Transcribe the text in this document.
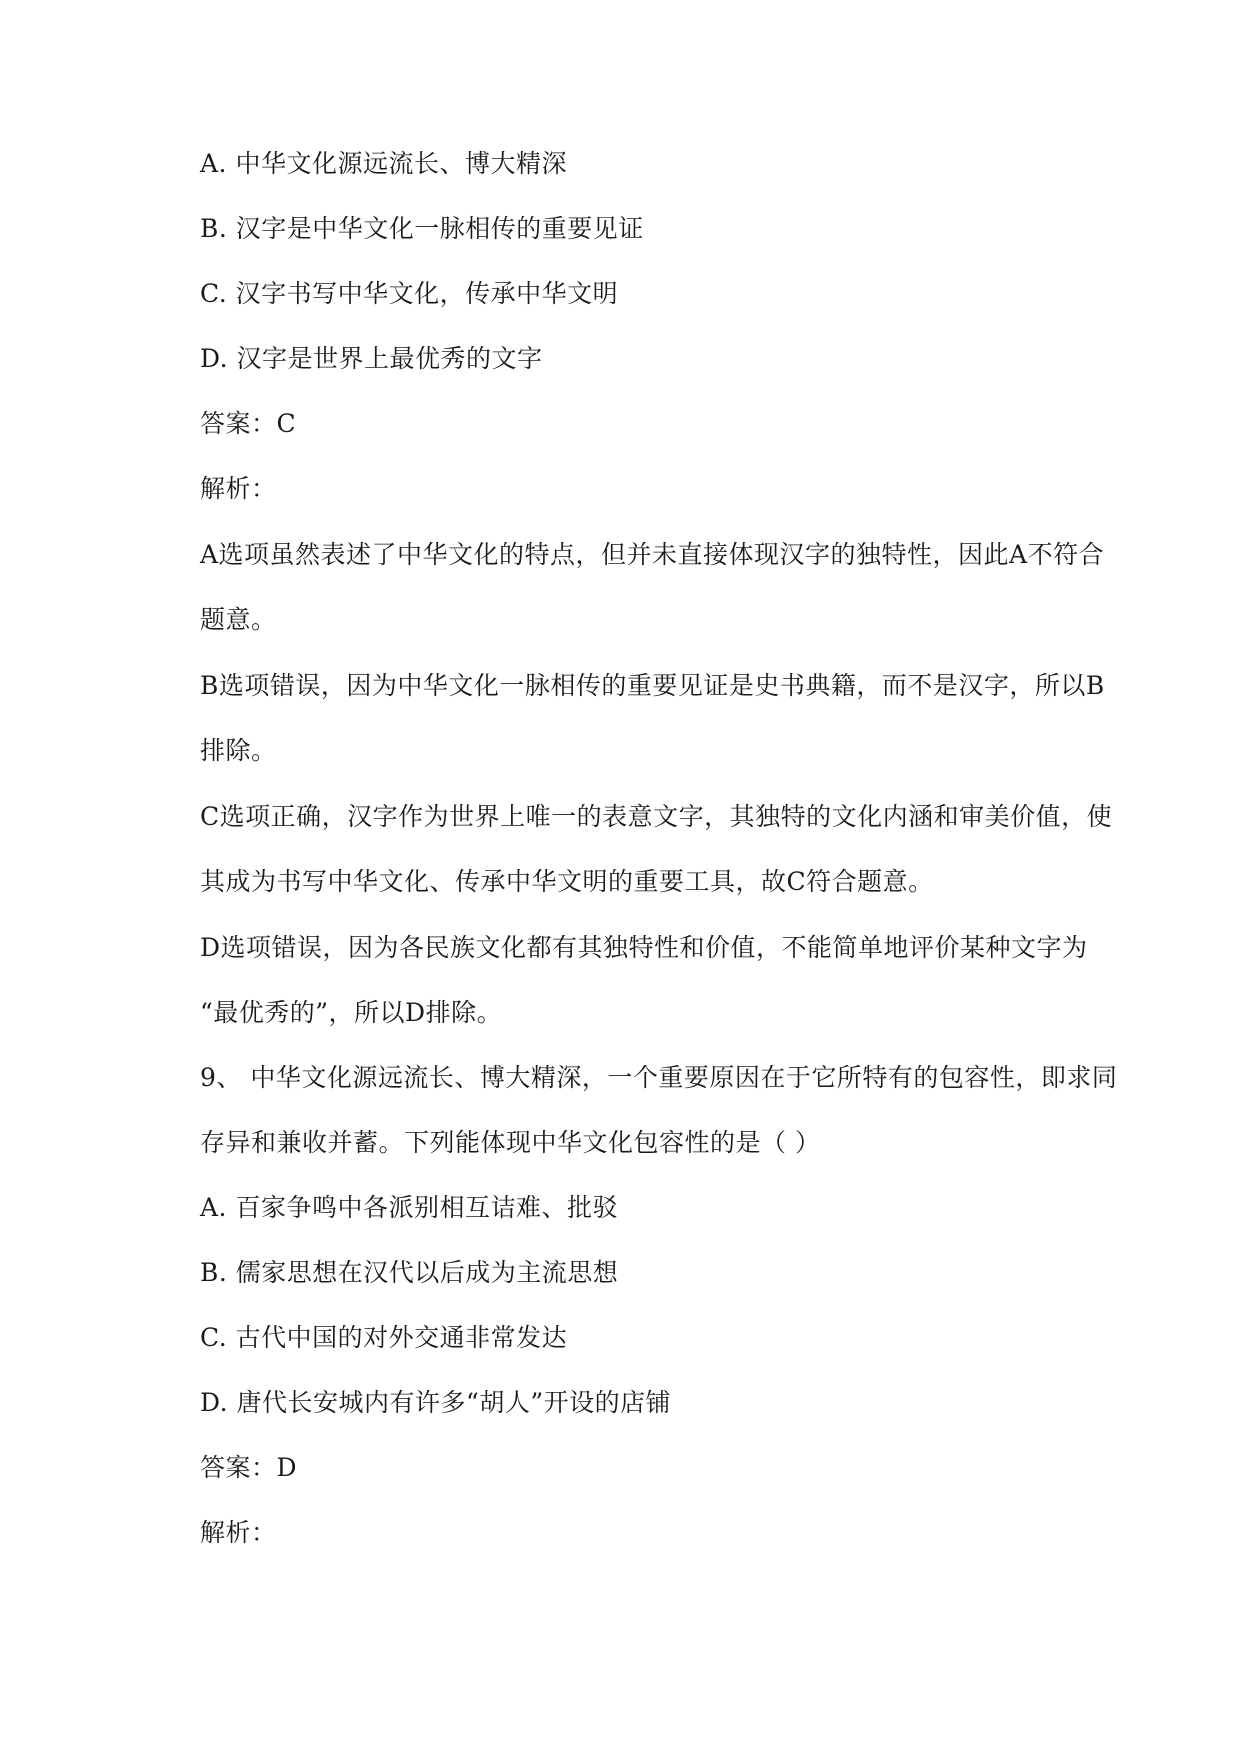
A. 中华文化源远流长、博大精深
B. 汉字是中华文化一脉相传的重要见证
C. 汉字书写中华文化，传承中华文明
D. 汉字是世界上最优秀的文字
答案：C
解析：
A选项虽然表述了中华文化的特点，但并未直接体现汉字的独特性，因此A不符合
题意。
B选项错误，因为中华文化一脉相传的重要见证是史书典籍，而不是汉字，所以B
排除。
C选项正确，汉字作为世界上唯一的表意文字，其独特的文化内涵和审美价值，使
其成为书写中华文化、传承中华文明的重要工具，故C符合题意。
D选项错误，因为各民族文化都有其独特性和价值，不能简单地评价某种文字为
“最优秀的”，所以D排除。
9、 中华文化源远流长、博大精深，一个重要原因在于它所特有的包容性，即求同
存异和兼收并蓄。下列能体现中华文化包容性的是（ ）
A. 百家争鸣中各派别相互诘难、批驳
B. 儒家思想在汉代以后成为主流思想
C. 古代中国的对外交通非常发达
D. 唐代长安城内有许多“胡人”开设的店铺
答案：D
解析：
